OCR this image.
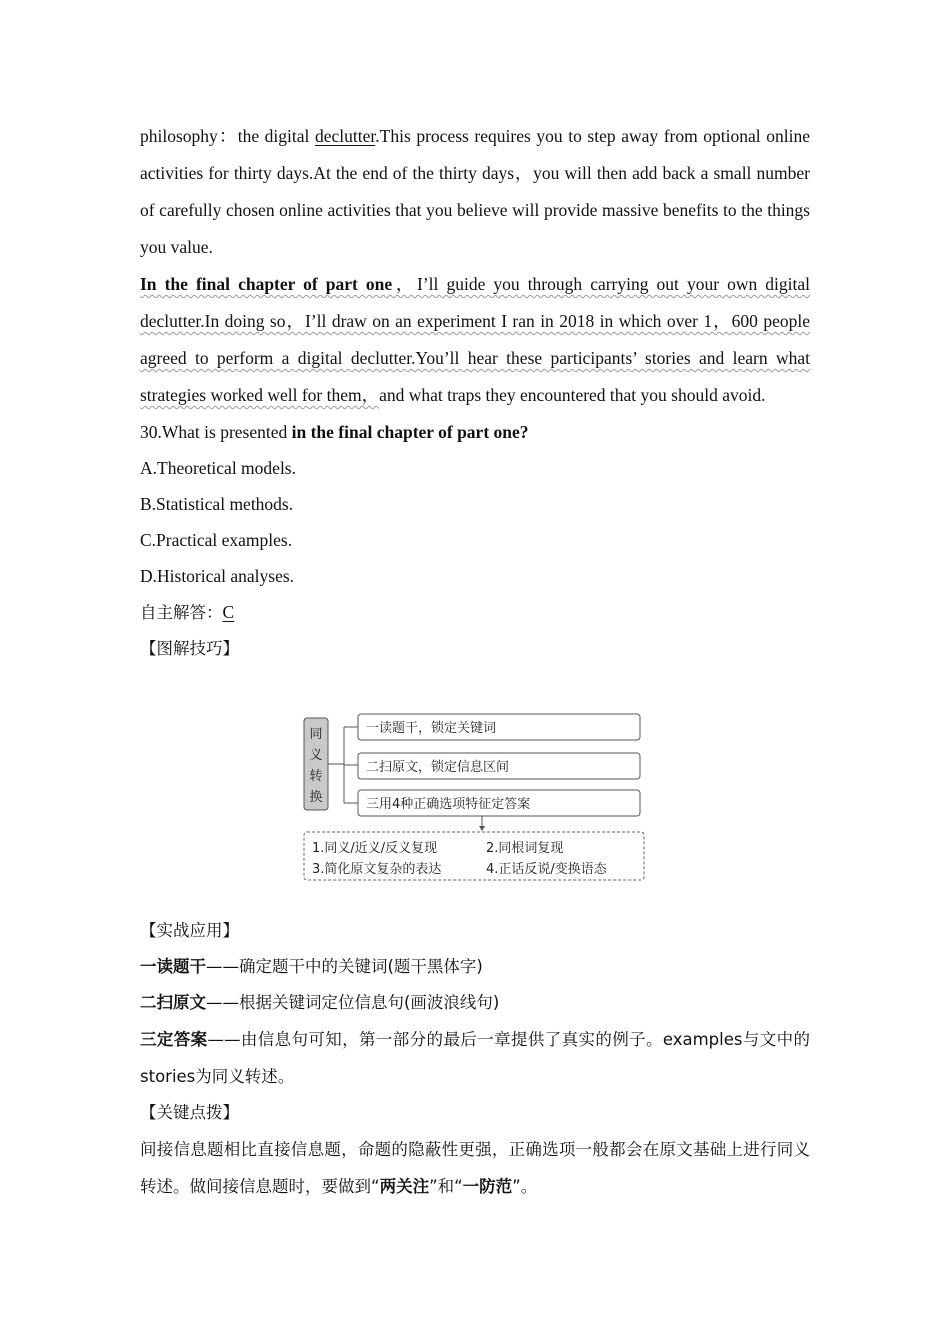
philosophy：the digital declutter.This process requires you to step away from optional online activities for thirty days.At the end of the thirty days，you will then add back a small number of carefully chosen online activities that you believe will provide massive benefits to the things you value.

In the final chapter of part one，I’ll guide you through carrying out your own digital declutter.In doing so，I’ll draw on an experiment I ran in 2018 in which over 1，600 people agreed to perform a digital declutter.You’ll hear these participants’ stories and learn what strategies worked well for them，and what traps they encountered that you should avoid.

30.What is presented in the final chapter of part one?

A.Theoretical models.

B.Statistical methods.

C.Practical examples.

D.Historical analyses.

自主解答：C

【图解技巧】

同
义
转
换
一读题干，锁定关键词
二扫原文，锁定信息区间
三用4种正确选项特征定答案
1.同义/近义/反义复现	2.同根词复现
3.简化原文复杂的表达	4.正话反说/变换语态

【实战应用】

一读题干——确定题干中的关键词(题干黑体字)

二扫原文——根据关键词定位信息句(画波浪线句)

三定答案——由信息句可知，第一部分的最后一章提供了真实的例子。examples与文中的stories为同义转述。

【关键点拨】

间接信息题相比直接信息题，命题的隐蔽性更强，正确选项一般都会在原文基础上进行同义转述。做间接信息题时，要做到“两关注”和“一防范”。
